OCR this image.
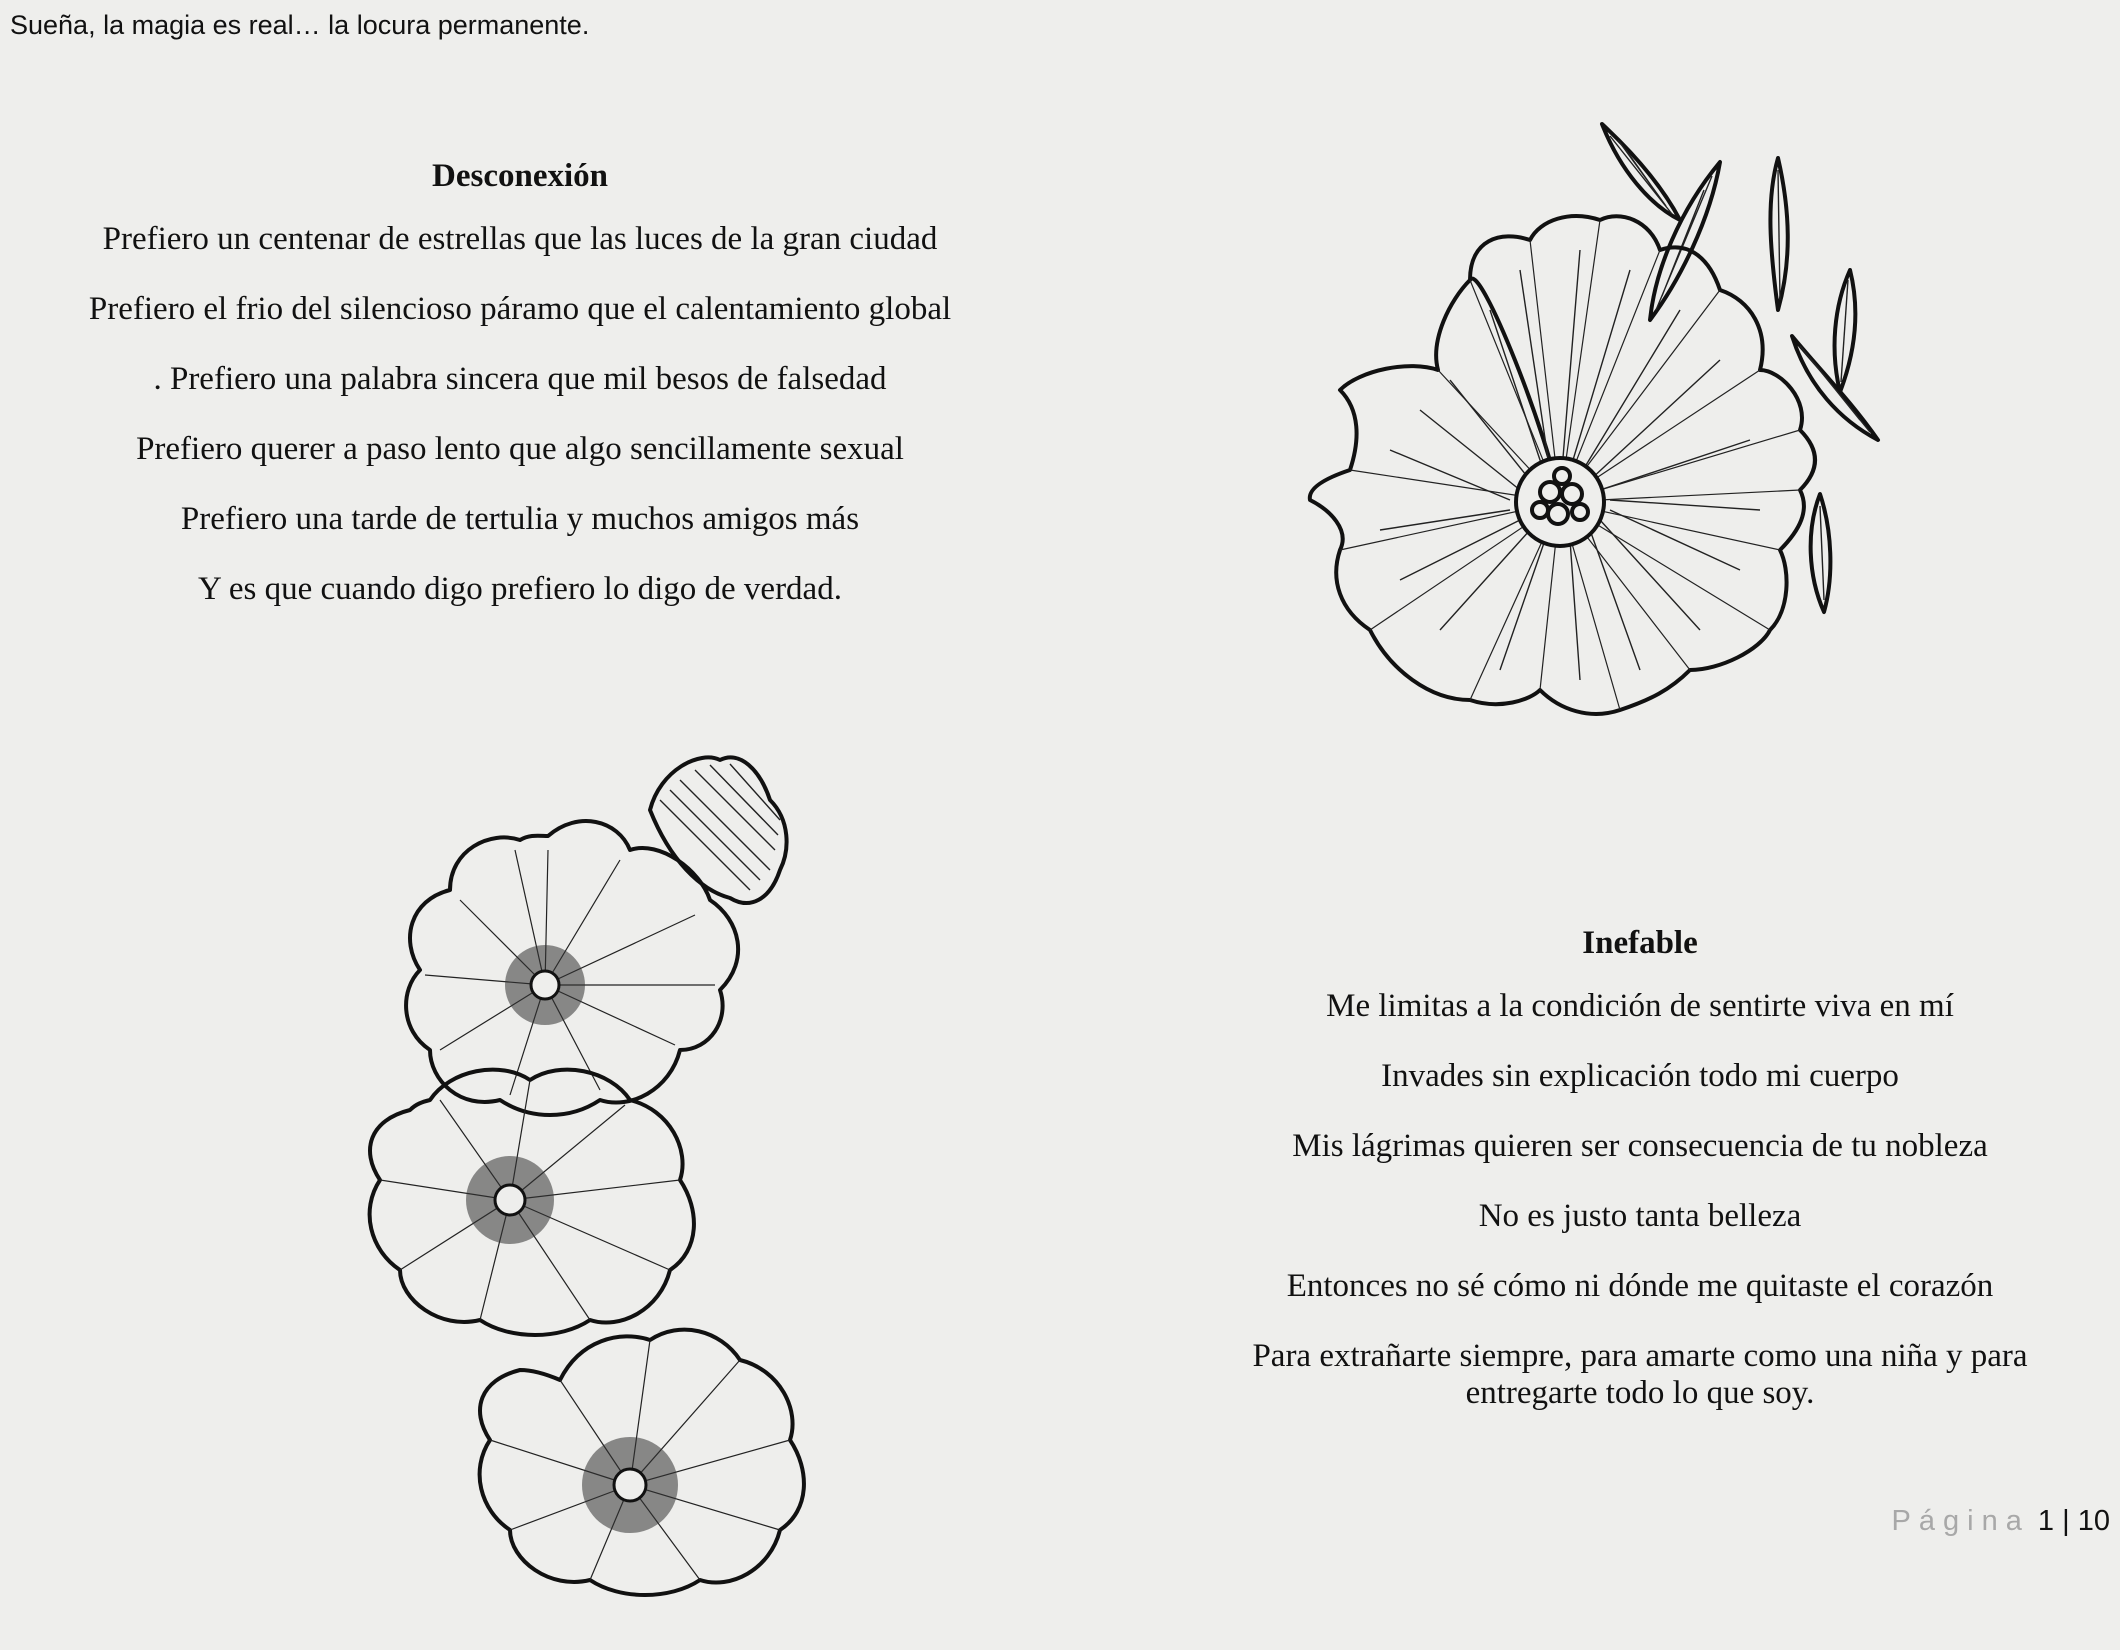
Sueña, la magia es real… la locura permanente.
Desconexión
Prefiero un centenar de estrellas que las luces de la gran ciudad
Prefiero el frio del silencioso páramo que el calentamiento global
. Prefiero una palabra sincera que mil besos de falsedad
Prefiero querer a paso lento que algo sencillamente sexual
Prefiero una tarde de tertulia y muchos amigos más
Y es que cuando digo prefiero lo digo de verdad.
Inefable
Me limitas a la condición de sentirte viva en mí
Invades sin explicación todo mi cuerpo
Mis lágrimas quieren ser consecuencia de tu nobleza
No es justo tanta belleza
Entonces no sé cómo ni dónde me quitaste el corazón
Para extrañarte siempre, para amarte como una niña y para
entregarte todo lo que soy.
Página 1 | 10
